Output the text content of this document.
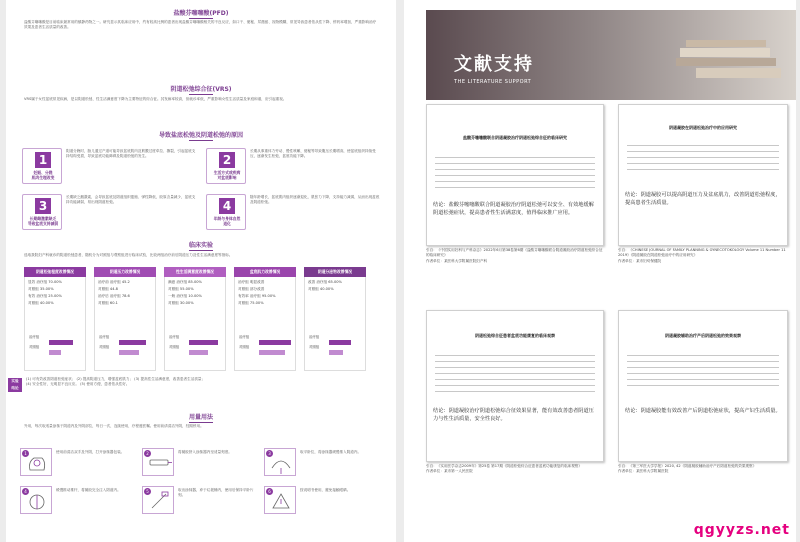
盐酸芬噻噻酸(PFD)
盐酸芬噻噻酸是目前临床最常用的镇静药物之一。研究显示其临床应用中，约有较高比例的患者出现盐酸芬噻噻酸相关的不良反应，如口干、便秘、尿潴留、视物模糊，常见导致患者依从性下降、停药率增加，严重影响治疗效果及患者生活质量的改善。
阴道松弛综合征(VRS)
VRS属于女性盆底常见疾病，是以阴道松弛、性生活满意度下降为主要特征的综合征。其发病率较高，但就诊率低，严重影响女性生活质量及家庭和谐，应引起重视。
导致盐底松弛及阴道松弛的原因
1
妊娠、分娩
肌肉生理改变
阴道分娩时，胎儿通过产道可能导致盆底肌肉及筋膜过度牵拉、撕裂，引起盆底支持结构受损，导致盆底功能障碍及阴道松弛的发生。	2
生活方式或疾病
对盆底影响
长期从事重体力劳动、慢性咳嗽、便秘等导致腹压长期增高，使盆底组织持续受压，逐渐发生松弛，盆底功能下降。
3
长期雌激素缺乏
导致盆底支持减弱
长期缺乏雌激素，会导致盆底及阴道组织萎缩、弹性降低，胶原含量减少，盆底支持功能减弱，易出现阴道松弛。	4
年龄与身体自然
退化
随年龄增长，盆底肌肉组织逐渐退化，肌张力下降，支持能力减弱，从而出现盆底及阴道松弛。
临床实验
选取我院妇产科就诊的阴道松弛患者，随机分为对照组与观察组进行临床试验，比较两组治疗前后阴道压力及性生活满意度等指标。
阴道松弛程度改善情况
显效 治疗组 70.00%
对照组 35.00%
有效 治疗组 25.00%
对照组 40.00%
治疗组
对照组
阴道压力改善情况
治疗前 治疗组 45.2
对照组 44.8
治疗后 治疗组 78.6
对照组 60.1
治疗组
对照组
性生活满意度改善情况
满意 治疗组 85.00%
对照组 55.00%
一般 治疗组 10.00%
对照组 30.00%
治疗组
对照组
盆底肌力改善情况
治疗组 明显改善
对照组 部分改善
有效率 治疗组 95.00%
对照组 75.00%
治疗组
对照组
阴道分泌物改善情况
改善 治疗组 65.00%
对照组 40.00%
治疗组
对照组
实验
结论
(1) 可有效改善阴道松弛症状； (2) 提高阴道压力，增强盆底肌力； (3) 提高性生活满意度，改善患者生活质量；
(4) 安全性好，无明显不良反应。 (5) 使用方便，患者依从性好。
用量用法
外用，每次取适量涂抹于阴道内及外阴部位，每日一次，连续使用，疗程遵医嘱。使用前请清洁外阴，经期停用。
1	使用前清洁双手及外阴，打开涂抹器包装。	2	将凝胶挤入涂抹器内至适量刻度。	3	取平卧位，将涂抹器缓慢推入阴道内。
4	缓慢推动推杆，将凝胶完全注入阴道内。	5	取出涂抹器，弃于垃圾桶内，使用后保持平卧片刻。
6	按说明书使用，避免接触眼睛。
文献支持
THE LITERATURE SUPPORT
盐酸芬噻噻酸联合阴道凝胶治疗阴道松弛综合征的临床研究
结论：盐酸芬噻噻酸联合阴道凝胶治疗阴道松弛可以安全、有效地缓解阴道松弛症状，提高患者性生活满意度，值得临床推广应用。
引自：《中国实用妇科与产科杂志》2022年6月第38卷第6期《盐酸芬噻噻酸联合阴道凝胶治疗阴道松弛综合征的临床研究》
作者单位：某医科大学附属医院妇产科
阴道凝胶在阴道松弛治疗中的应用研究
结论：阴道凝胶可以提高阴道压力及盆底肌力，改善阴道松弛程度，提高患者生活质量。
引自：《CHINESE JOURNAL OF FAMILY PLANNING & GYNECOTOKOLOGY Volume 11 Number 11 2019》《阴道凝胶在阴道松弛治疗中的应用研究》
作者单位：某市妇幼保健院
阴道松弛综合征患者盆底功能康复的临床观察
结论：阴道凝胶治疗阴道松弛综合征效果显著，能有效改善患者阴道压力与性生活质量，安全性良好。
引自：《实用医学杂志2009年》第25卷 第17期《阴道松弛综合征患者盆底功能康复的临床观察》
作者单位：某市第一人民医院
阴道凝胶辅助治疗产后阴道松弛的效果观察
结论：阴道凝胶能有效改善产后阴道松弛症状，提高产妇生活质量。
引自：《第三军医大学学报》2020, 42《阴道凝胶辅助治疗产后阴道松弛的效果观察》
作者单位：某医科大学附属医院
qgyyzs.net
